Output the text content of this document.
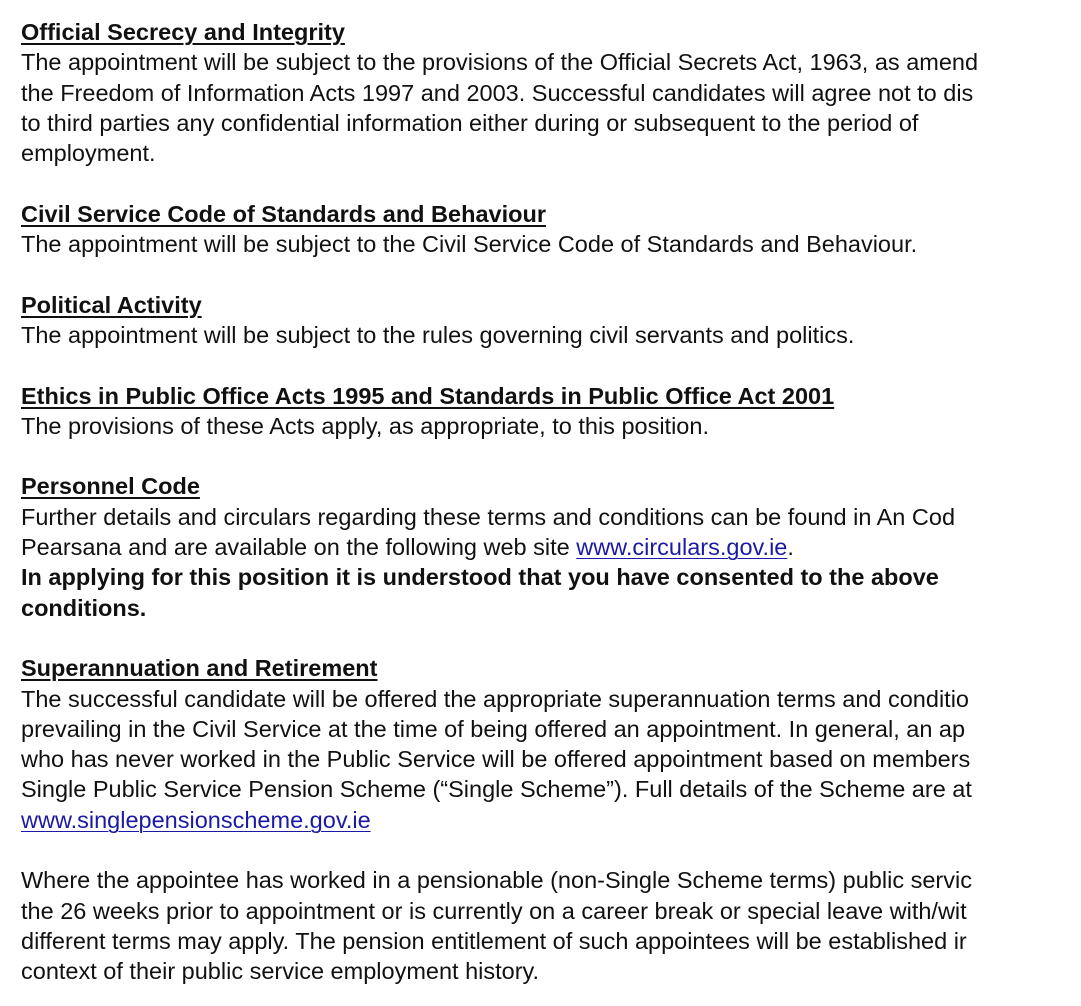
Official Secrecy and Integrity
The appointment will be subject to the provisions of the Official Secrets Act, 1963, as amend
the Freedom of Information Acts 1997 and 2003. Successful candidates will agree not to dis
to third parties any confidential information either during or subsequent to the period of
employment.
Civil Service Code of Standards and Behaviour
The appointment will be subject to the Civil Service Code of Standards and Behaviour.
Political Activity
The appointment will be subject to the rules governing civil servants and politics.
Ethics in Public Office Acts 1995 and Standards in Public Office Act 2001
The provisions of these Acts apply, as appropriate, to this position.
Personnel Code
Further details and circulars regarding these terms and conditions can be found in An Cod
Pearsana and are available on the following web site www.circulars.gov.ie.
In applying for this position it is understood that you have consented to the above
conditions.
Superannuation and Retirement
The successful candidate will be offered the appropriate superannuation terms and conditio
prevailing in the Civil Service at the time of being offered an appointment. In general, an ap
who has never worked in the Public Service will be offered appointment based on members
Single Public Service Pension Scheme (“Single Scheme”). Full details of the Scheme are at
www.singlepensionscheme.gov.ie
Where the appointee has worked in a pensionable (non-Single Scheme terms) public servic
the 26 weeks prior to appointment or is currently on a career break or special leave with/wit
different terms may apply. The pension entitlement of such appointees will be established ir
context of their public service employment history.
